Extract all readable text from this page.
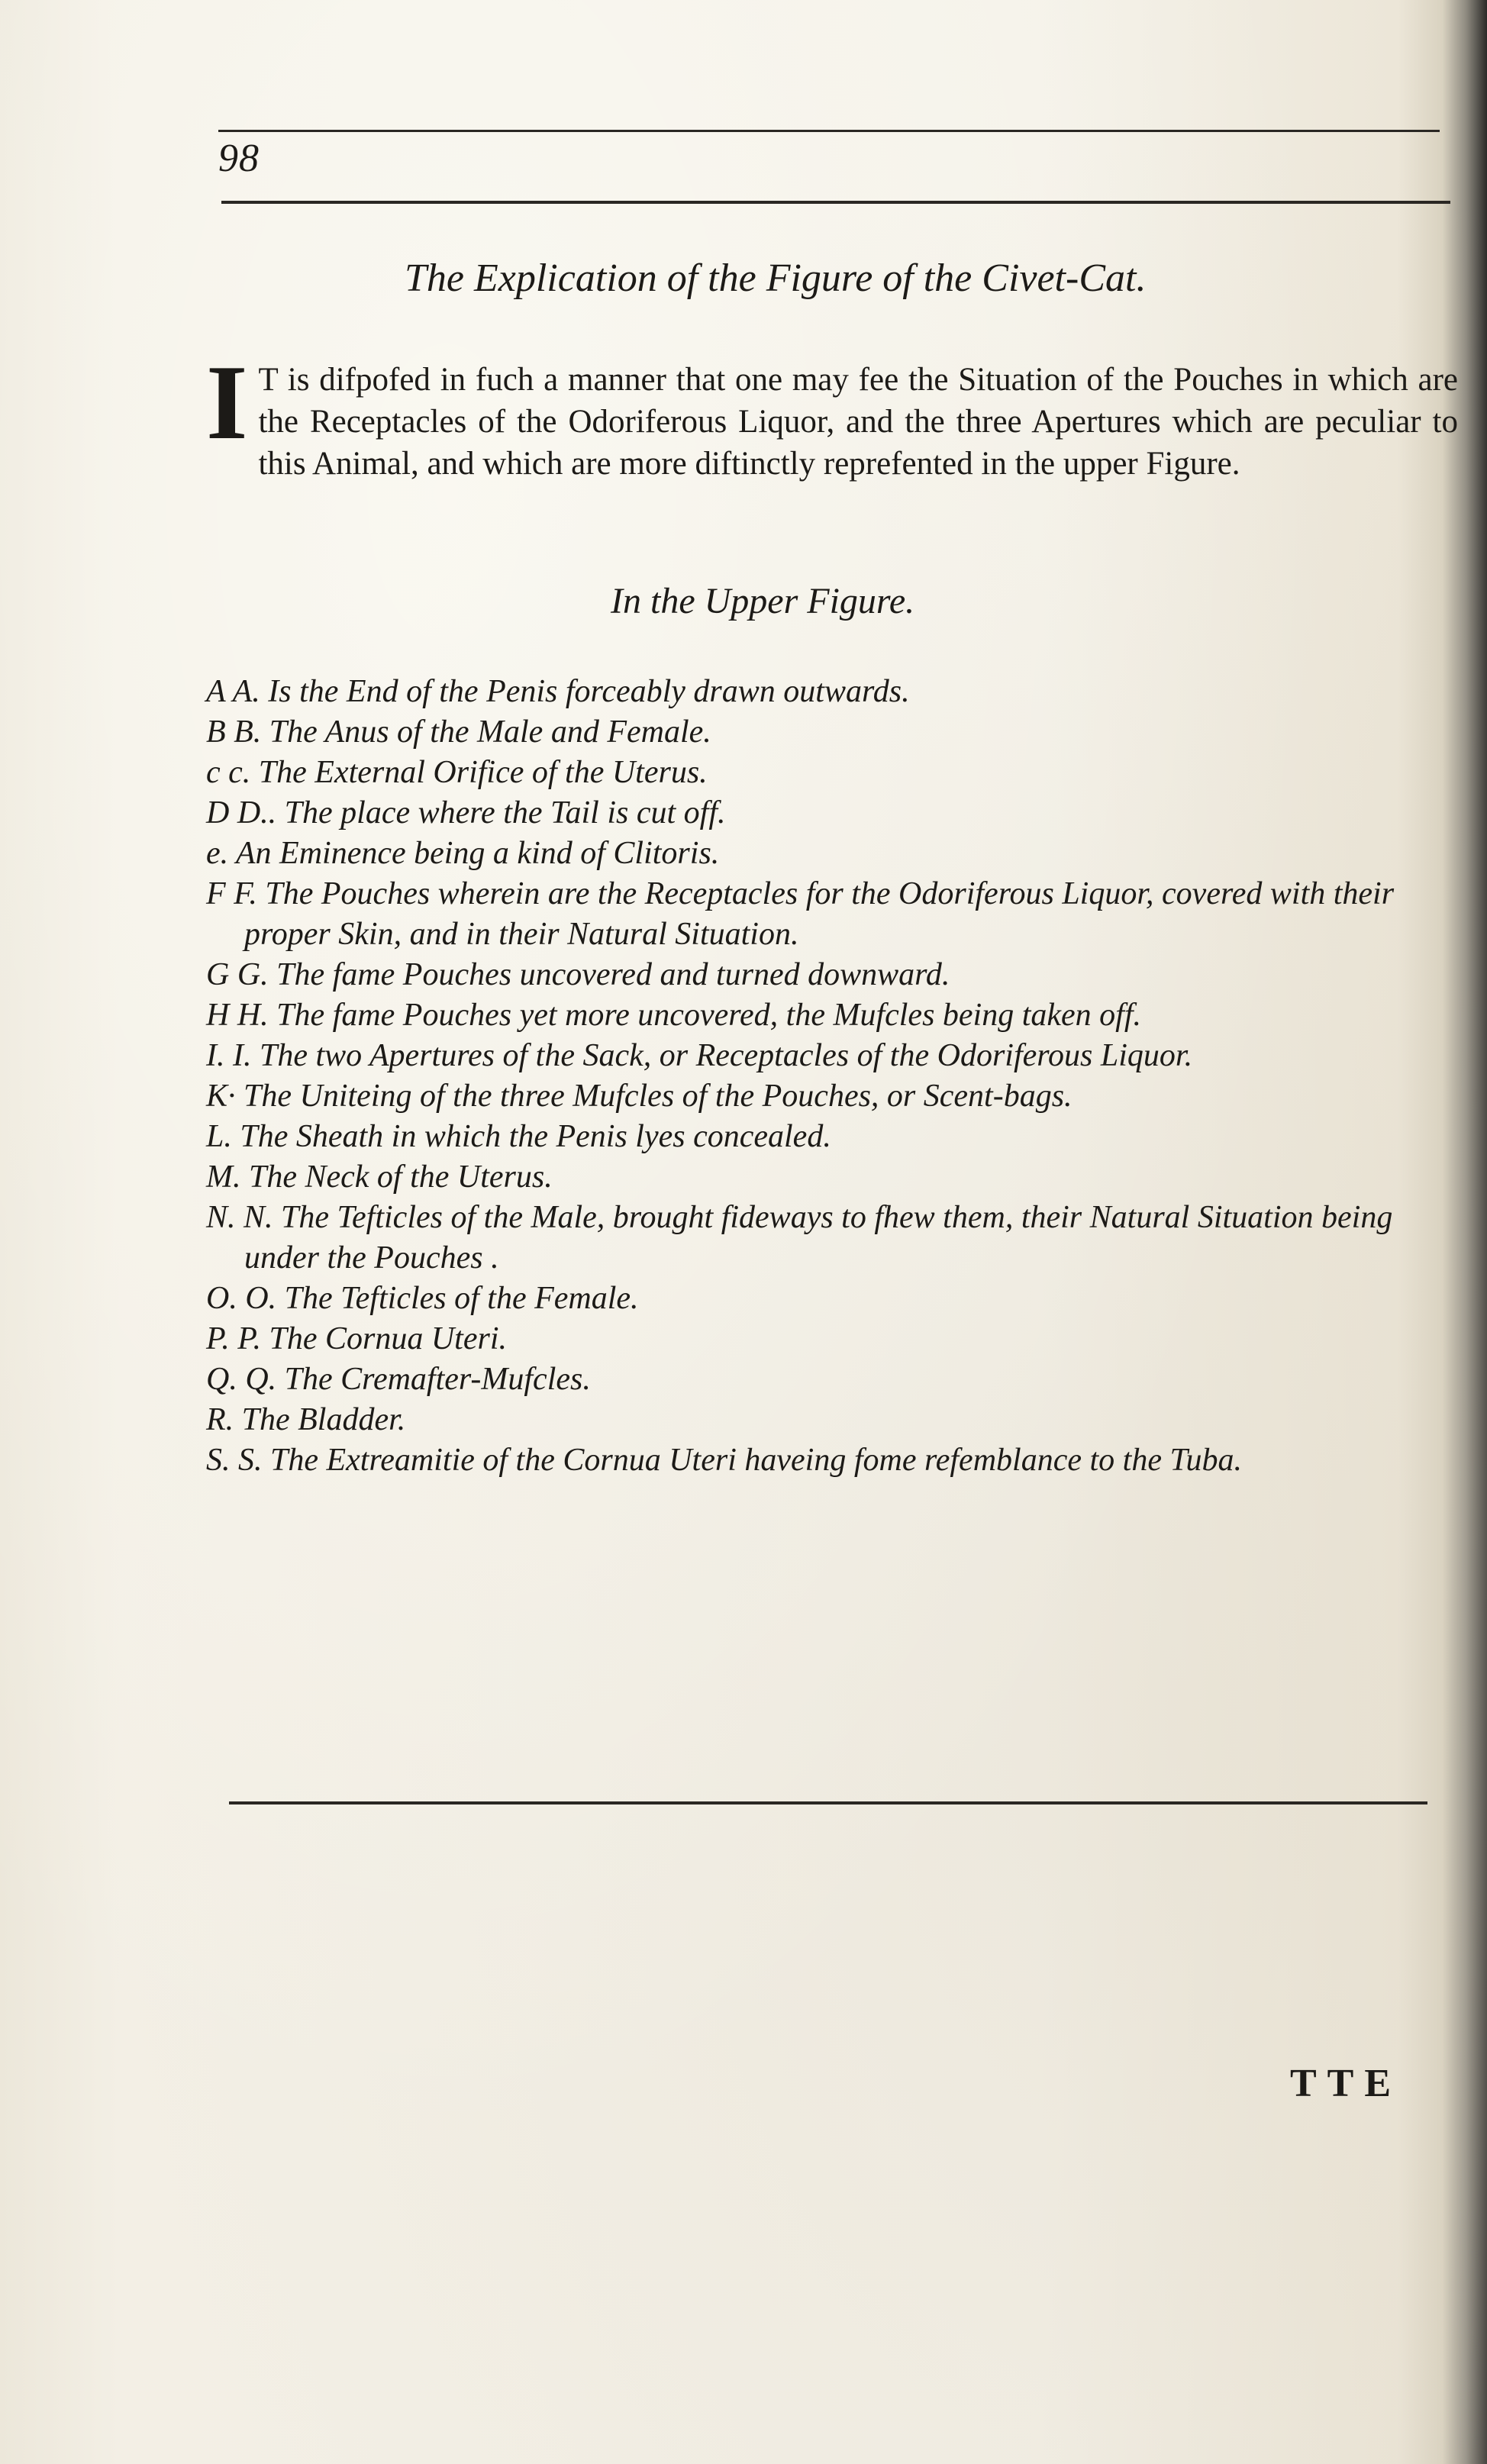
98
The Explication of the Figure of the Civet-Cat.
I T is difpofed in fuch a manner that one may fee the Situation of the Pouches in which are the Receptacles of the Odoriferous Liquor, and the three Apertures which are peculiar to this Animal, and which are more diftinctly reprefented in the upper Figure.
In the Upper Figure.

A A. Is the End of the Penis forceably drawn outwards.

B B. The Anus of the Male and Female.

c c. The External Orifice of the Uterus.

D D.. The place where the Tail is cut off.

e. An Eminence being a kind of Clitoris.

F F. The Pouches wherein are the Receptacles for the Odoriferous Liquor, covered with their proper Skin, and in their Natural Situation.

G G. The fame Pouches uncovered and turned downward.

H H. The fame Pouches yet more uncovered, the Mufcles being taken off.

I. I. The two Apertures of the Sack, or Receptacles of the Odoriferous Liquor.

K· The Uniteing of the three Mufcles of the Pouches, or Scent-bags.

L. The Sheath in which the Penis lyes concealed.

M. The Neck of the Uterus.

N. N. The Tefticles of the Male, brought fideways to fhew them, their Natural Situation being under the Pouches .

O. O. The Tefticles of the Female.

P. P. The Cornua Uteri.

Q. Q. The Cremafter-Mufcles.

R. The Bladder.

S. S. The Extreamitie of the Cornua Uteri haveing fome refemblance to the Tuba.

TTE
